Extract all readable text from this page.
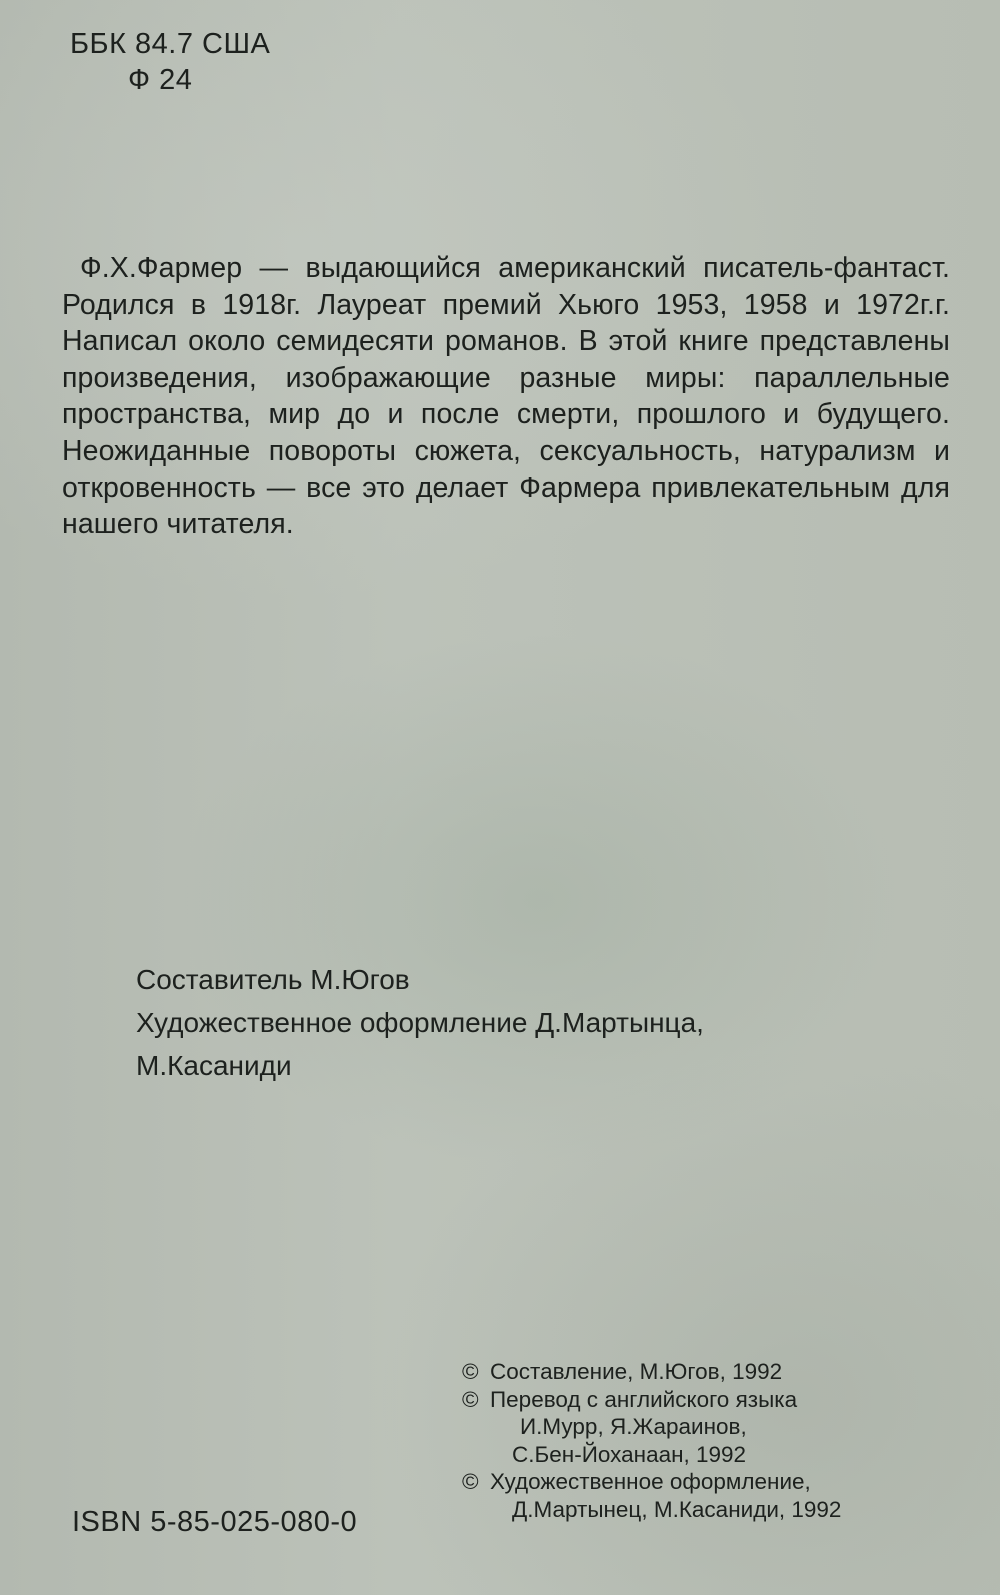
ББК 84.7 США
Ф 24

Ф.Х.Фармер — выдающийся американский писатель-фантаст. Родился в 1918г. Лауреат премий Хьюго 1953, 1958 и 1972г.г. Написал около семидесяти романов. В этой книге представлены произведения, изображающие разные миры: параллельные пространства, мир до и после смерти, прошлого и будущего. Неожиданные повороты сюжета, сексуальность, натурализм и откровенность — все это делает Фармера привлекательным для нашего читателя.

Составитель М.Югов
Художественное оформление Д.Мартынца,
М.Касаниди
© Составление, М.Югов, 1992
© Перевод с английского языка
И.Мурр, Я.Жараинов,
С.Бен-Йоханаан, 1992
© Художественное оформление,
Д.Мартынец, М.Касаниди, 1992
ISBN 5-85-025-080-0
